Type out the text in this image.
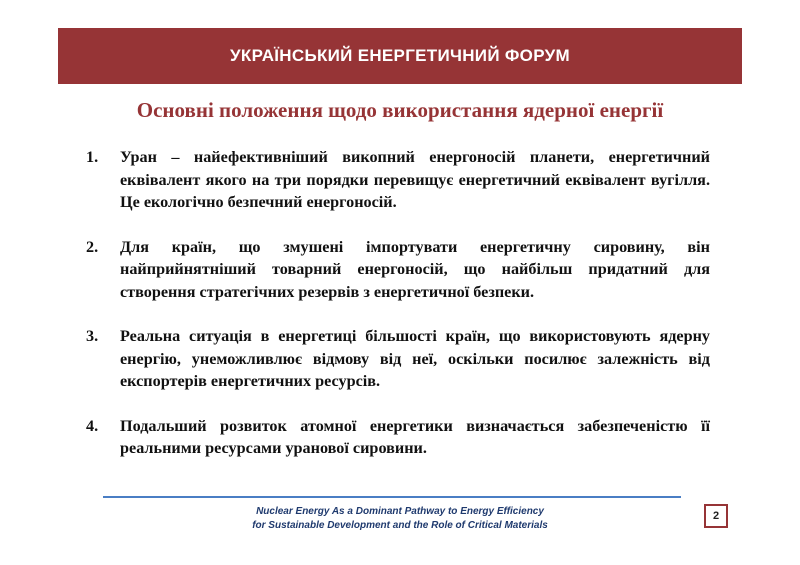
УКРАЇНСЬКИЙ ЕНЕРГЕТИЧНИЙ ФОРУМ
Основні положення щодо використання ядерної енергії
1.	Уран – найефективніший викопний енергоносій планети, енергетичний еквівалент якого на три порядки перевищує енергетичний еквівалент вугілля. Це екологічно безпечний енергоносій.
2.	Для країн, що змушені імпортувати енергетичну сировину, він найприйнятніший товарний енергоносій, що найбільш придатний для створення стратегічних резервів з енергетичної безпеки.
3.	Реальна ситуація в енергетиці більшості країн, що використовують ядерну енергію, унеможливлює відмову від неї, оскільки посилює залежність від експортерів енергетичних ресурсів.
4.	Подальший розвиток атомної енергетики визначається забезпеченістю її реальними ресурсами уранової сировини.
Nuclear Energy As a Dominant Pathway to Energy Efficiency
for Sustainable Development and the Role of Critical Materials
2
